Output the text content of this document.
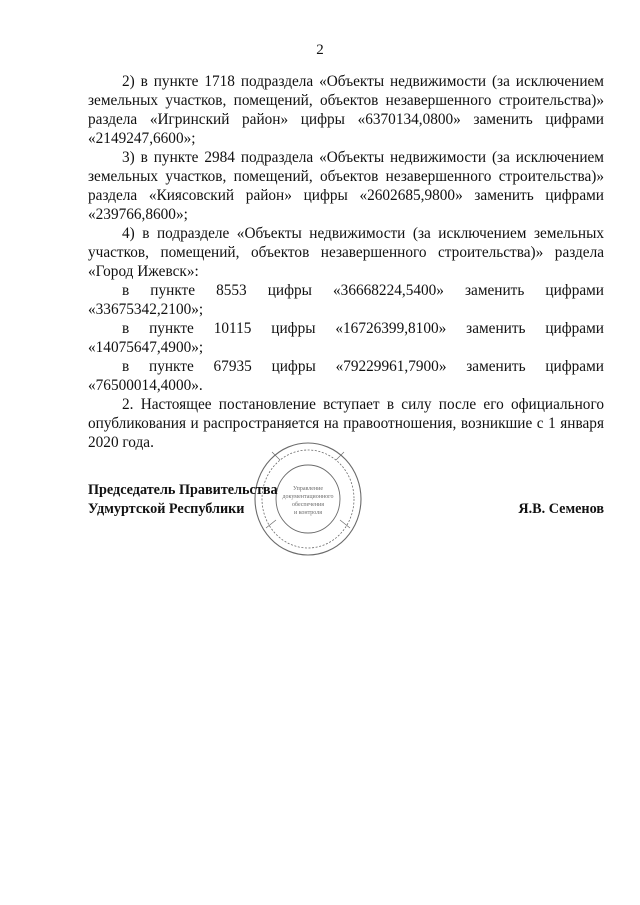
2

2) в пункте 1718 подраздела «Объекты недвижимости (за исключением земельных участков, помещений, объектов незавершенного строительства)» раздела «Игринский район» цифры «6370134,0800» заменить цифрами «2149247,6600»;

3) в пункте 2984 подраздела «Объекты недвижимости (за исключением земельных участков, помещений, объектов незавершенного строительства)» раздела «Киясовский район» цифры «2602685,9800» заменить цифрами «239766,8600»;

4) в подразделе «Объекты недвижимости (за исключением земельных участков, помещений, объектов незавершенного строительства)» раздела «Город Ижевск»:

в пункте 8553 цифры «36668224,5400» заменить цифрами

«33675342,2100»;

в пункте 10115 цифры «16726399,8100» заменить цифрами

«14075647,4900»;

в пункте 67935 цифры «79229961,7900» заменить цифрами

«76500014,4000».

2. Настоящее постановление вступает в силу после его официального опубликования и распространяется на правоотношения, возникшие с 1 января 2020 года.

Управление
документационного
обеспечения
и контроля
Председатель Правительства
Удмуртской Республики	Я.В. Семенов
